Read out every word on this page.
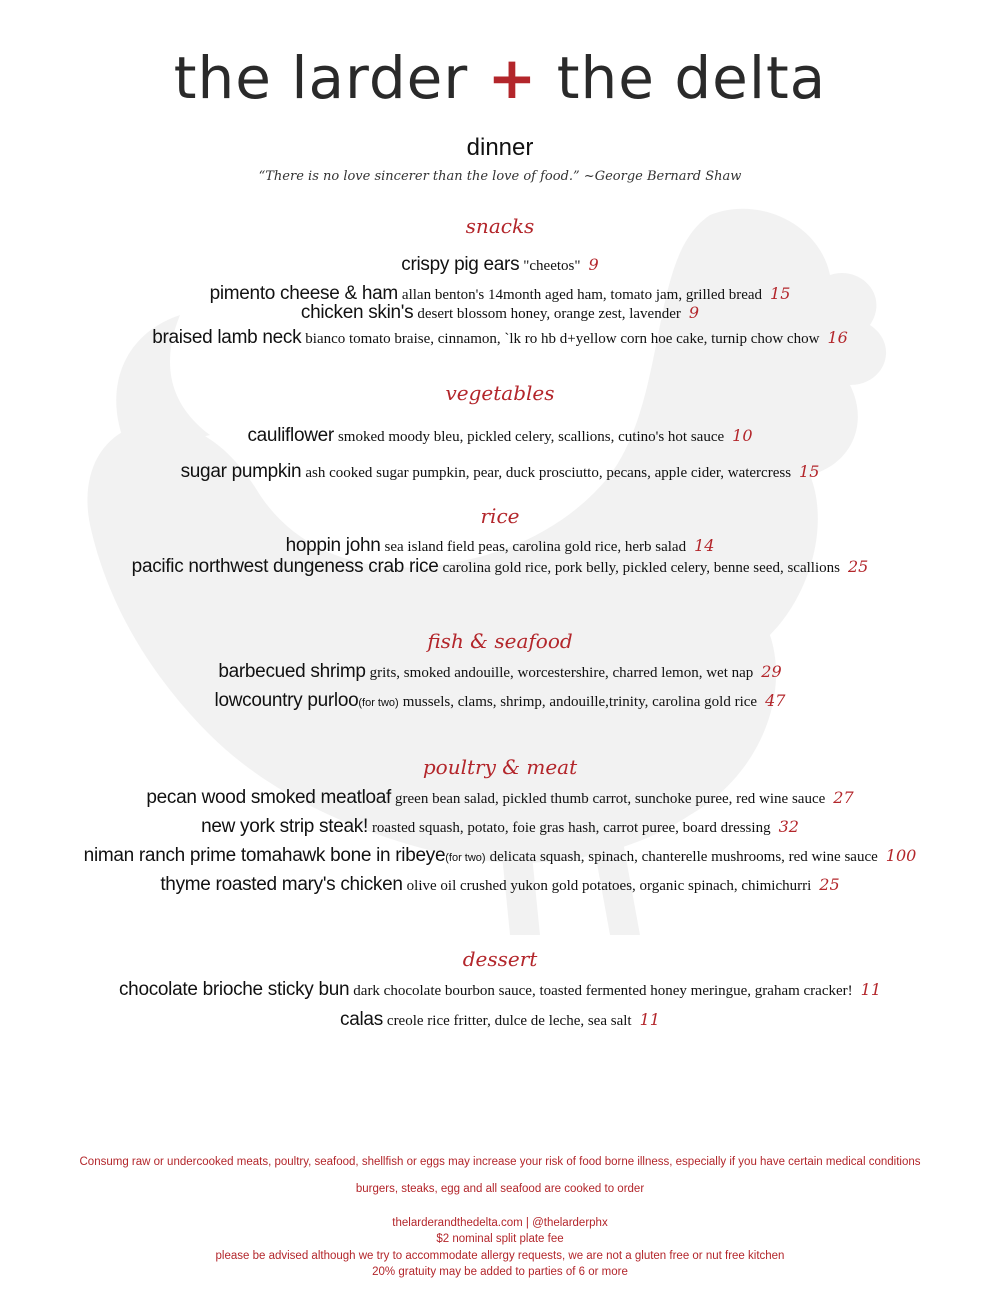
the larder + the delta
dinner
“There is no love sincerer than the love of food.” ~George Bernard Shaw
snacks
crispy pig ears "cheetos" 9
pimento cheese & ham allan benton's 14month aged ham, tomato jam, grilled bread 15
chicken skin's desert blossom honey, orange zest, lavender 9
braised lamb neck bianco tomato braise, cinnamon, `lk ro hb d+yellow corn hoe cake, turnip chow chow 16
vegetables
cauliflower smoked moody bleu, pickled celery, scallions, cutino's hot sauce 10
sugar pumpkin ash cooked sugar pumpkin, pear, duck prosciutto, pecans, apple cider, watercress 15
rice
hoppin john sea island field peas, carolina gold rice, herb salad 14
pacific northwest dungeness crab rice carolina gold rice, pork belly, pickled celery, benne seed, scallions 25
fish & seafood
barbecued shrimp grits, smoked andouille, worcestershire, charred lemon, wet nap 29
lowcountry purloo(for two) mussels, clams, shrimp, andouille,trinity, carolina gold rice 47
poultry & meat
pecan wood smoked meatloaf green bean salad, pickled thumb carrot, sunchoke puree, red wine sauce 27
new york strip steak! roasted squash, potato, foie gras hash, carrot puree, board dressing 32
niman ranch prime tomahawk bone in ribeye(for two) delicata squash, spinach, chanterelle mushrooms, red wine sauce 100
thyme roasted mary's chicken olive oil crushed yukon gold potatoes, organic spinach, chimichurri 25
dessert
chocolate brioche sticky bun dark chocolate bourbon sauce, toasted fermented honey meringue, graham cracker! 11
calas creole rice fritter, dulce de leche, sea salt 11
Consumg raw or undercooked meats, poultry, seafood, shellfish or eggs may increase your risk of food borne illness, especially if you have certain medical conditions
burgers, steaks, egg and all seafood are cooked to order
thelarderandthedelta.com | @thelarderphx
$2 nominal split plate fee
please be advised although we try to accommodate allergy requests, we are not a gluten free or nut free kitchen
20% gratuity may be added to parties of 6 or more
